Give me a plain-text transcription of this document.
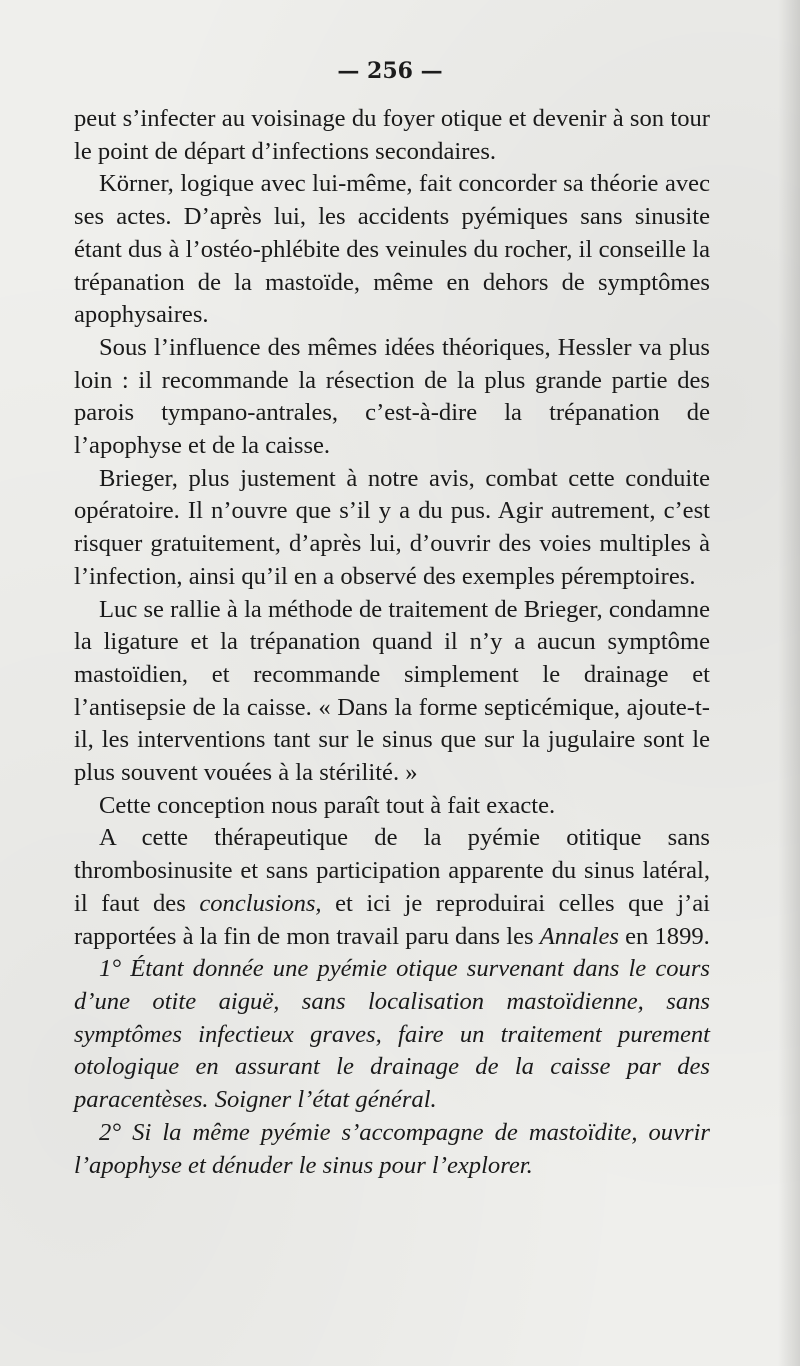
— 256 —

peut s’infecter au voisinage du foyer otique et devenir à son tour le point de départ d’infections secondaires.

Körner, logique avec lui-même, fait concorder sa théorie avec ses actes. D’après lui, les accidents pyémiques sans sinusite étant dus à l’ostéo-phlébite des veinules du rocher, il conseille la trépanation de la mastoïde, même en dehors de symptômes apophysaires.

Sous l’influence des mêmes idées théoriques, Hessler va plus loin : il recommande la résection de la plus grande partie des parois tympano-antrales, c’est-à-dire la trépanation de l’apophyse et de la caisse.

Brieger, plus justement à notre avis, combat cette conduite opératoire. Il n’ouvre que s’il y a du pus. Agir autrement, c’est risquer gratuitement, d’après lui, d’ouvrir des voies multiples à l’infection, ainsi qu’il en a observé des exemples péremptoires.

Luc se rallie à la méthode de traitement de Brieger, condamne la ligature et la trépanation quand il n’y a aucun symptôme mastoïdien, et recommande simplement le drainage et l’antisepsie de la caisse. « Dans la forme septicémique, ajoute-t-il, les interventions tant sur le sinus que sur la jugulaire sont le plus souvent vouées à la stérilité. »

Cette conception nous paraît tout à fait exacte.

A cette thérapeutique de la pyémie otitique sans thrombosinusite et sans participation apparente du sinus latéral, il faut des conclusions, et ici je reproduirai celles que j’ai rapportées à la fin de mon travail paru dans les Annales en 1899.

1° Étant donnée une pyémie otique survenant dans le cours d’une otite aiguë, sans localisation mastoïdienne, sans symptômes infectieux graves, faire un traitement purement otologique en assurant le drainage de la caisse par des paracentèses. Soigner l’état général.

2° Si la même pyémie s’accompagne de mastoïdite, ouvrir l’apophyse et dénuder le sinus pour l’explorer.
